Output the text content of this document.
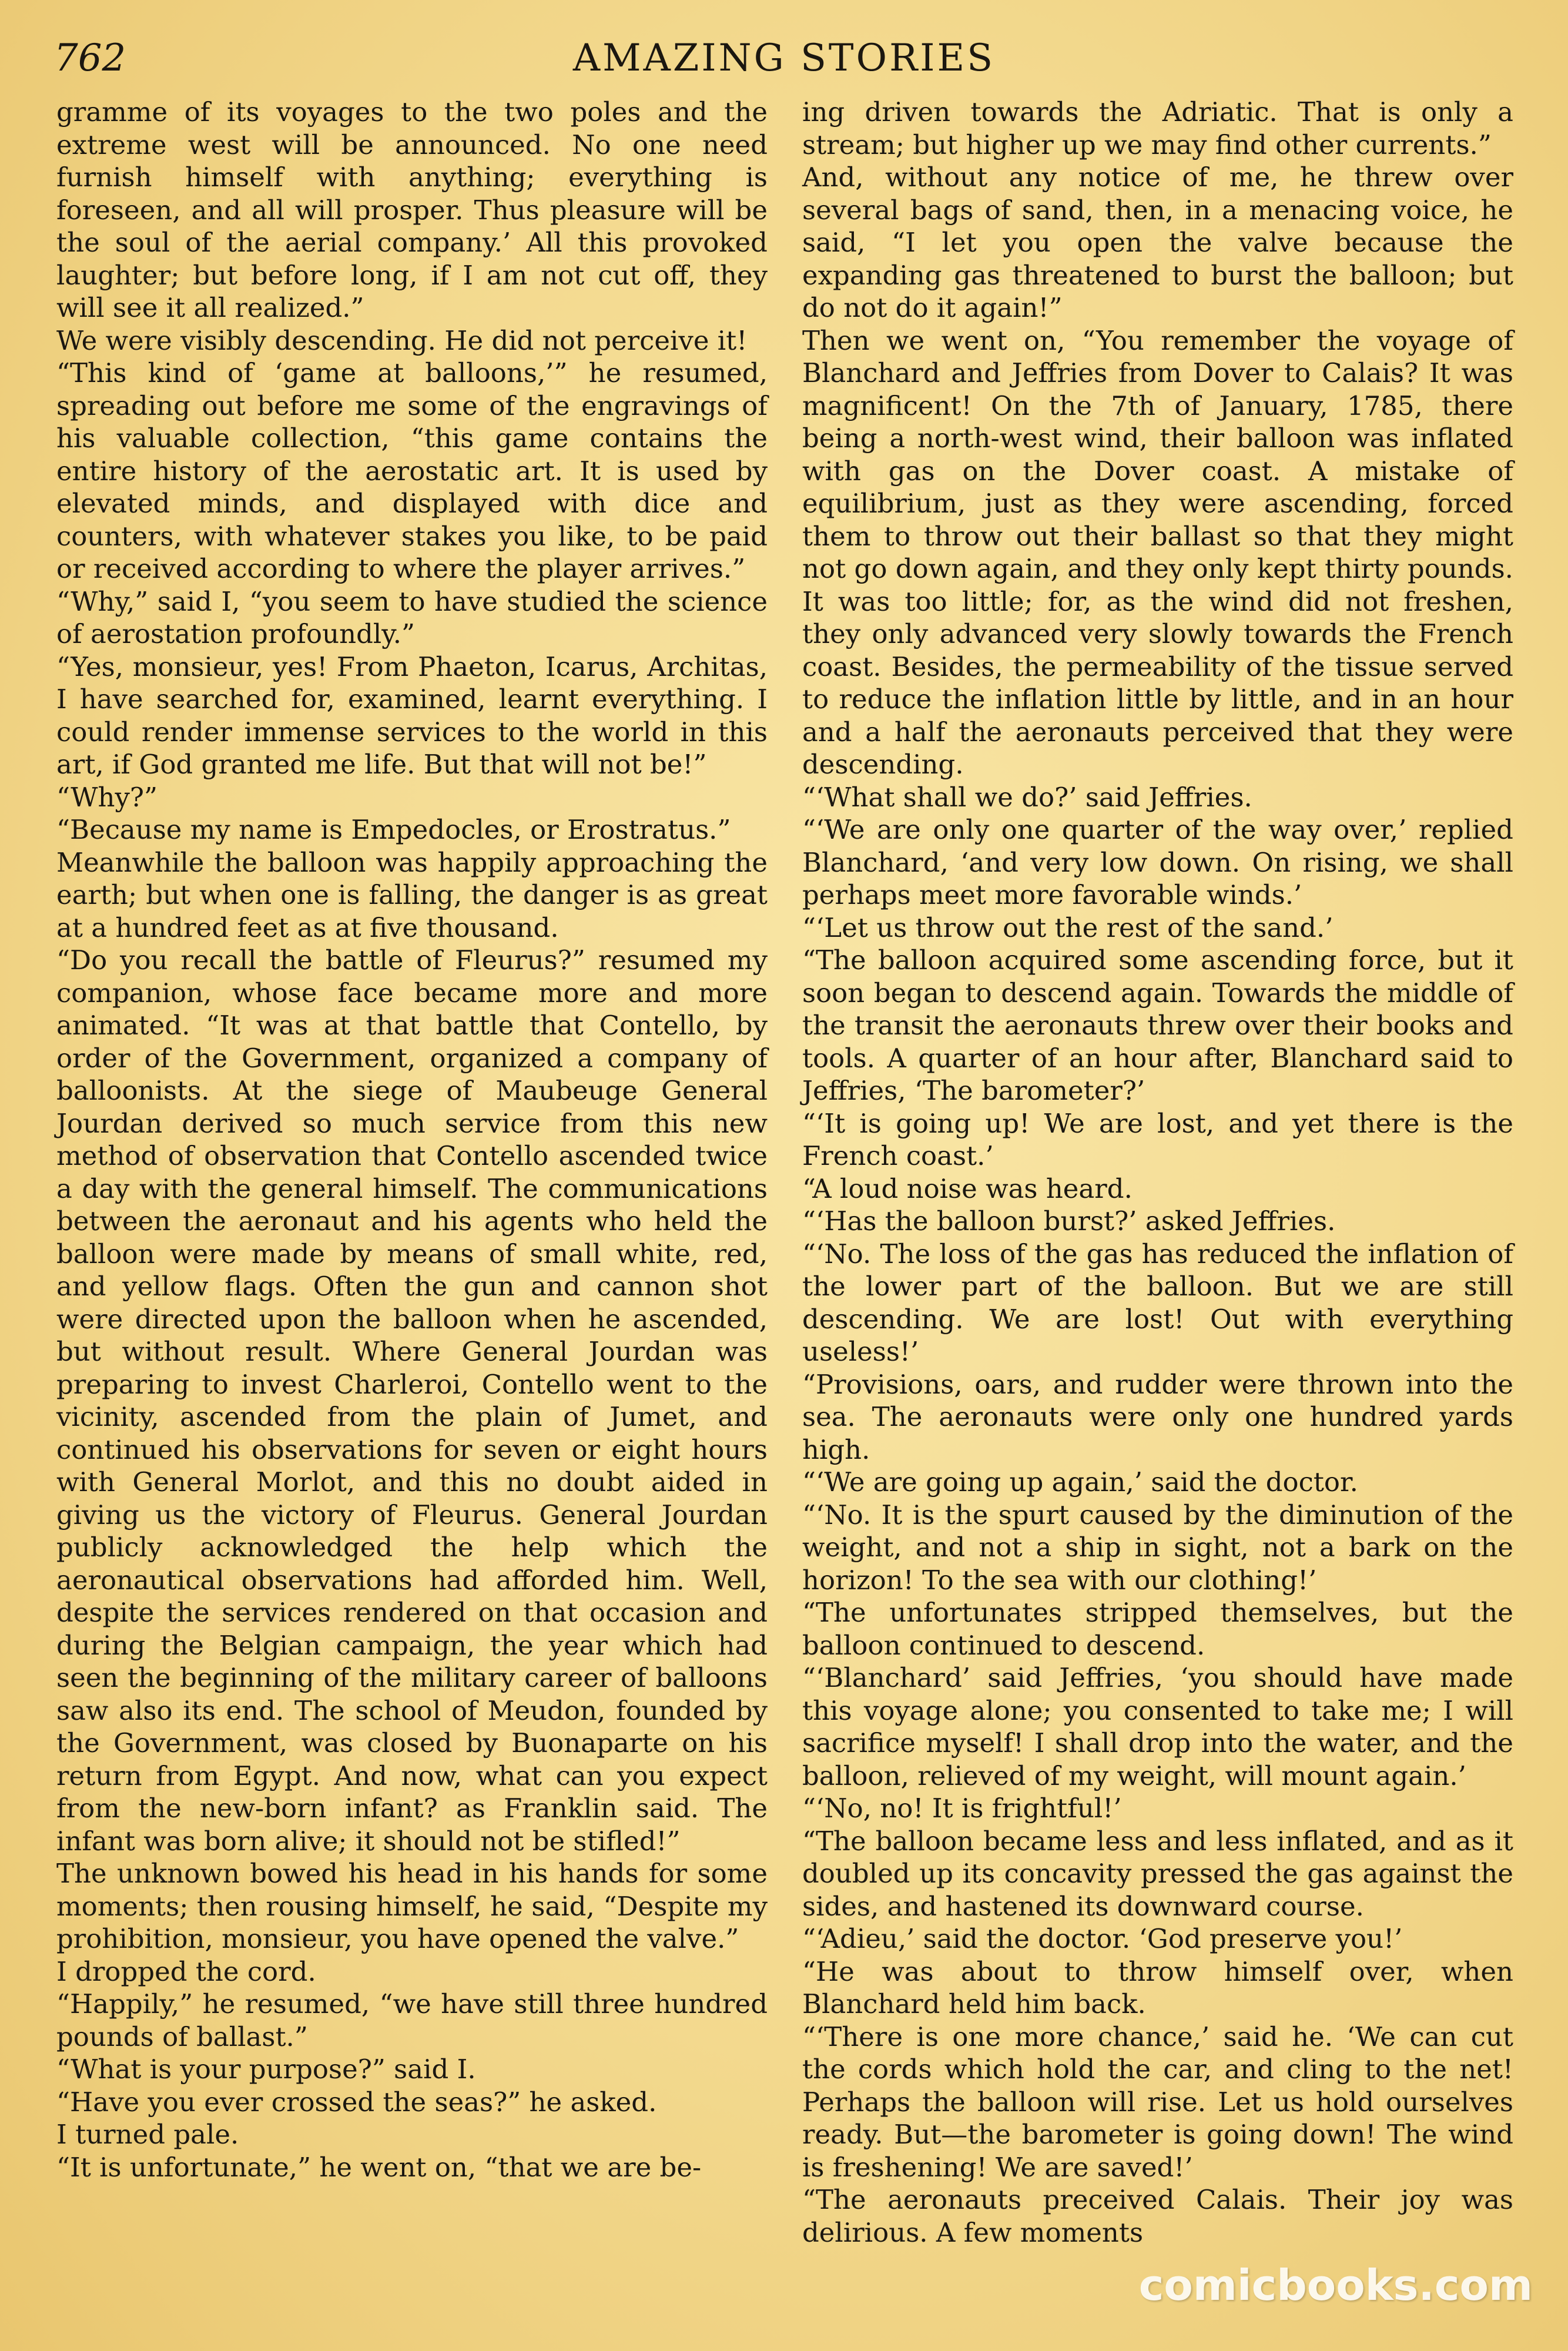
762	AMAZING STORIES

gramme of its voyages to the two poles and the extreme west will be announced. No one need furnish himself with anything; everything is foreseen, and all will prosper. Thus pleasure will be the soul of the aerial company.’ All this provoked laughter; but before long, if I am not cut off, they will see it all realized.”

We were visibly descending. He did not perceive it!

“This kind of ‘game at balloons,’” he resumed, spreading out before me some of the engravings of his valuable collection, “this game contains the entire history of the aerostatic art. It is used by elevated minds, and displayed with dice and counters, with whatever stakes you like, to be paid or received according to where the player arrives.”

“Why,” said I, “you seem to have studied the science of aerostation profoundly.”

“Yes, monsieur, yes! From Phaeton, Icarus, Architas, I have searched for, examined, learnt everything. I could render immense services to the world in this art, if God granted me life. But that will not be!”

“Why?”

“Because my name is Empedocles, or Erostratus.”

Meanwhile the balloon was happily approaching the earth; but when one is falling, the danger is as great at a hundred feet as at five thousand.

“Do you recall the battle of Fleurus?” resumed my companion, whose face became more and more animated. “It was at that battle that Contello, by order of the Government, organized a company of balloonists. At the siege of Maubeuge General Jourdan derived so much service from this new method of observation that Contello ascended twice a day with the general himself. The communications between the aeronaut and his agents who held the balloon were made by means of small white, red, and yellow flags. Often the gun and cannon shot were directed upon the balloon when he ascended, but without result. Where General Jourdan was preparing to invest Charleroi, Contello went to the vicinity, ascended from the plain of Jumet, and continued his observations for seven or eight hours with General Morlot, and this no doubt aided in giving us the victory of Fleurus. General Jourdan publicly acknowledged the help which the aeronautical observations had afforded him. Well, despite the services rendered on that occasion and during the Belgian campaign, the year which had seen the beginning of the military career of balloons saw also its end. The school of Meudon, founded by the Government, was closed by Buonaparte on his return from Egypt. And now, what can you expect from the new-born infant? as Franklin said. The infant was born alive; it should not be stifled!”

The unknown bowed his head in his hands for some moments; then rousing himself, he said, “Despite my prohibition, monsieur, you have opened the valve.”

I dropped the cord.

“Happily,” he resumed, “we have still three hundred pounds of ballast.”

“What is your purpose?” said I.

“Have you ever crossed the seas?” he asked.

I turned pale.

“It is unfortunate,” he went on, “that we are be-

ing driven towards the Adriatic. That is only a stream; but higher up we may find other currents.”

And, without any notice of me, he threw over several bags of sand, then, in a menacing voice, he said, “I let you open the valve because the expanding gas threatened to burst the balloon; but do not do it again!”

Then we went on, “You remember the voyage of Blanchard and Jeffries from Dover to Calais? It was magnificent! On the 7th of January, 1785, there being a north-west wind, their balloon was inflated with gas on the Dover coast. A mistake of equilibrium, just as they were ascending, forced them to throw out their ballast so that they might not go down again, and they only kept thirty pounds. It was too little; for, as the wind did not freshen, they only advanced very slowly towards the French coast. Besides, the permeability of the tissue served to reduce the inflation little by little, and in an hour and a half the aeronauts perceived that they were descending.

“‘What shall we do?’ said Jeffries.

“‘We are only one quarter of the way over,’ replied Blanchard, ‘and very low down. On rising, we shall perhaps meet more favorable winds.’

“‘Let us throw out the rest of the sand.’

“The balloon acquired some ascending force, but it soon began to descend again. Towards the middle of the transit the aeronauts threw over their books and tools. A quarter of an hour after, Blanchard said to Jeffries, ‘The barometer?’

“‘It is going up! We are lost, and yet there is the French coast.’

“A loud noise was heard.

“‘Has the balloon burst?’ asked Jeffries.

“‘No. The loss of the gas has reduced the inflation of the lower part of the balloon. But we are still descending. We are lost! Out with everything useless!’

“Provisions, oars, and rudder were thrown into the sea. The aeronauts were only one hundred yards high.

“‘We are going up again,’ said the doctor.

“‘No. It is the spurt caused by the diminution of the weight, and not a ship in sight, not a bark on the horizon! To the sea with our clothing!’

“The unfortunates stripped themselves, but the balloon continued to descend.

“‘Blanchard’ said Jeffries, ‘you should have made this voyage alone; you consented to take me; I will sacrifice myself! I shall drop into the water, and the balloon, relieved of my weight, will mount again.’

“‘No, no! It is frightful!’

“The balloon became less and less inflated, and as it doubled up its concavity pressed the gas against the sides, and hastened its downward course.

“‘Adieu,’ said the doctor. ‘God preserve you!’

“He was about to throw himself over, when Blanchard held him back.

“‘There is one more chance,’ said he. ‘We can cut the cords which hold the car, and cling to the net! Perhaps the balloon will rise. Let us hold ourselves ready. But—the barometer is going down! The wind is freshening! We are saved!’

“The aeronauts preceived Calais. Their joy was delirious. A few moments

comicbooks.com
